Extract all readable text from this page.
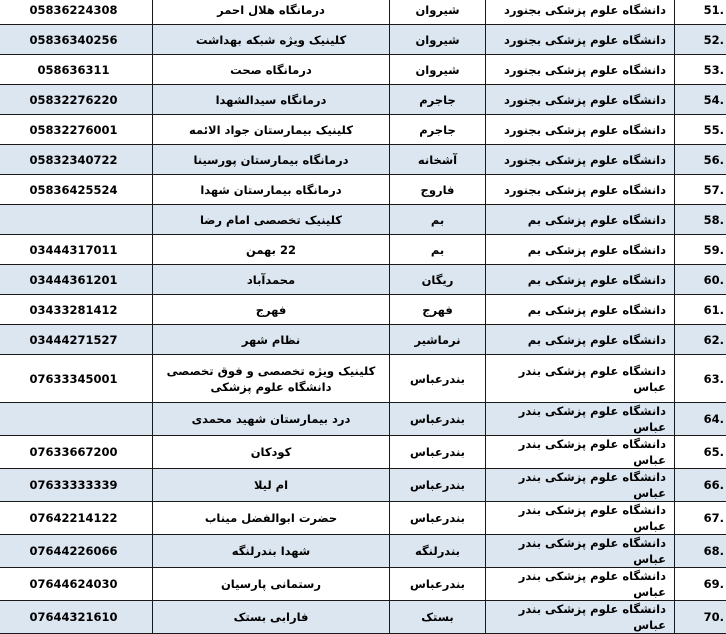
05836224308	درمانگاه هلال احمر	شیروان	دانشگاه علوم پزشکی بجنورد	51.
05836340256	کلینیک ویژه شبکه بهداشت	شیروان	دانشگاه علوم پزشکی بجنورد	52.
058636311	درمانگاه صحت	شیروان	دانشگاه علوم پزشکی بجنورد	53.
05832276220	درمانگاه سیدالشهدا	جاجرم	دانشگاه علوم پزشکی بجنورد	54.
05832276001	کلینیک بیمارستان جواد الائمه	جاجرم	دانشگاه علوم پزشکی بجنورد	55.
05832340722	درمانگاه بیمارستان پورسینا	آشخانه	دانشگاه علوم پزشکی بجنورد	56.
05836425524	درمانگاه بیمارستان شهدا	فاروج	دانشگاه علوم پزشکی بجنورد	57.
	کلینیک تخصصی امام رضا	بم	دانشگاه علوم پزشکی بم	58.
03444317011	22 بهمن	بم	دانشگاه علوم پزشکی بم	59.
03444361201	محمدآباد	ریگان	دانشگاه علوم پزشکی بم	60.
03433281412	فهرج	فهرج	دانشگاه علوم پزشکی بم	61.
03444271527	نظام شهر	نرماشیر	دانشگاه علوم پزشکی بم	62.
07633345001	کلینیک ویژه تخصصی و فوق تخصصی دانشگاه علوم پزشکی	بندرعباس	دانشگاه علوم پزشکی بندر عباس	63.
	درد بیمارستان شهید محمدی	بندرعباس	دانشگاه علوم پزشکی بندر عباس	64.
07633667200	کودکان	بندرعباس	دانشگاه علوم پزشکی بندر عباس	65.
07633333339	ام لیلا	بندرعباس	دانشگاه علوم پزشکی بندر عباس	66.
07642214122	حضرت ابوالفضل میناب	بندرعباس	دانشگاه علوم پزشکی بندر عباس	67.
07644226066	شهدا بندرلنگه	بندرلنگه	دانشگاه علوم پزشکی بندر عباس	68.
07644624030	رستمانی پارسیان	بندرعباس	دانشگاه علوم پزشکی بندر عباس	69.
07644321610	فارابی بستک	بستک	دانشگاه علوم پزشکی بندر عباس	70.
